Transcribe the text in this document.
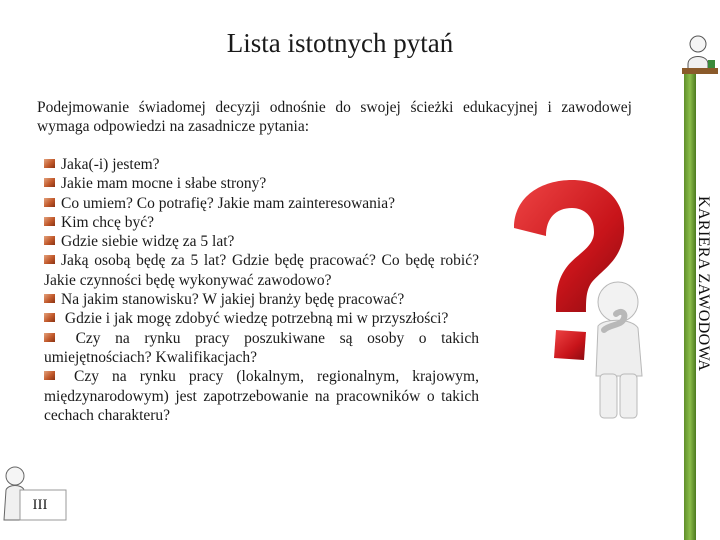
Lista istotnych pytań
Podejmowanie świadomej decyzji odnośnie do swojej ścieżki edukacyjnej i zawodowej wymaga odpowiedzi na zasadnicze pytania:
Jaka(-i) jestem?
Jakie mam mocne i słabe strony?
Co umiem? Co potrafię? Jakie mam zainteresowania?
Kim chcę być?
Gdzie siebie widzę za 5 lat?
Jaką osobą będę za 5 lat? Gdzie będę pracować? Co będę robić? Jakie czynności będę wykonywać zawodowo?
Na jakim stanowisku? W jakiej branży będę pracować?
Gdzie i jak mogę zdobyć wiedzę potrzebną mi w przyszłości?
Czy na rynku pracy poszukiwane są osoby o takich umiejętnościach? Kwalifikacjach?
Czy na rynku pracy (lokalnym, regionalnym, krajowym, międzynarodowym) jest zapotrzebowanie na pracowników o takich cechach charakteru?
KARIERA ZAWODOWA
III
